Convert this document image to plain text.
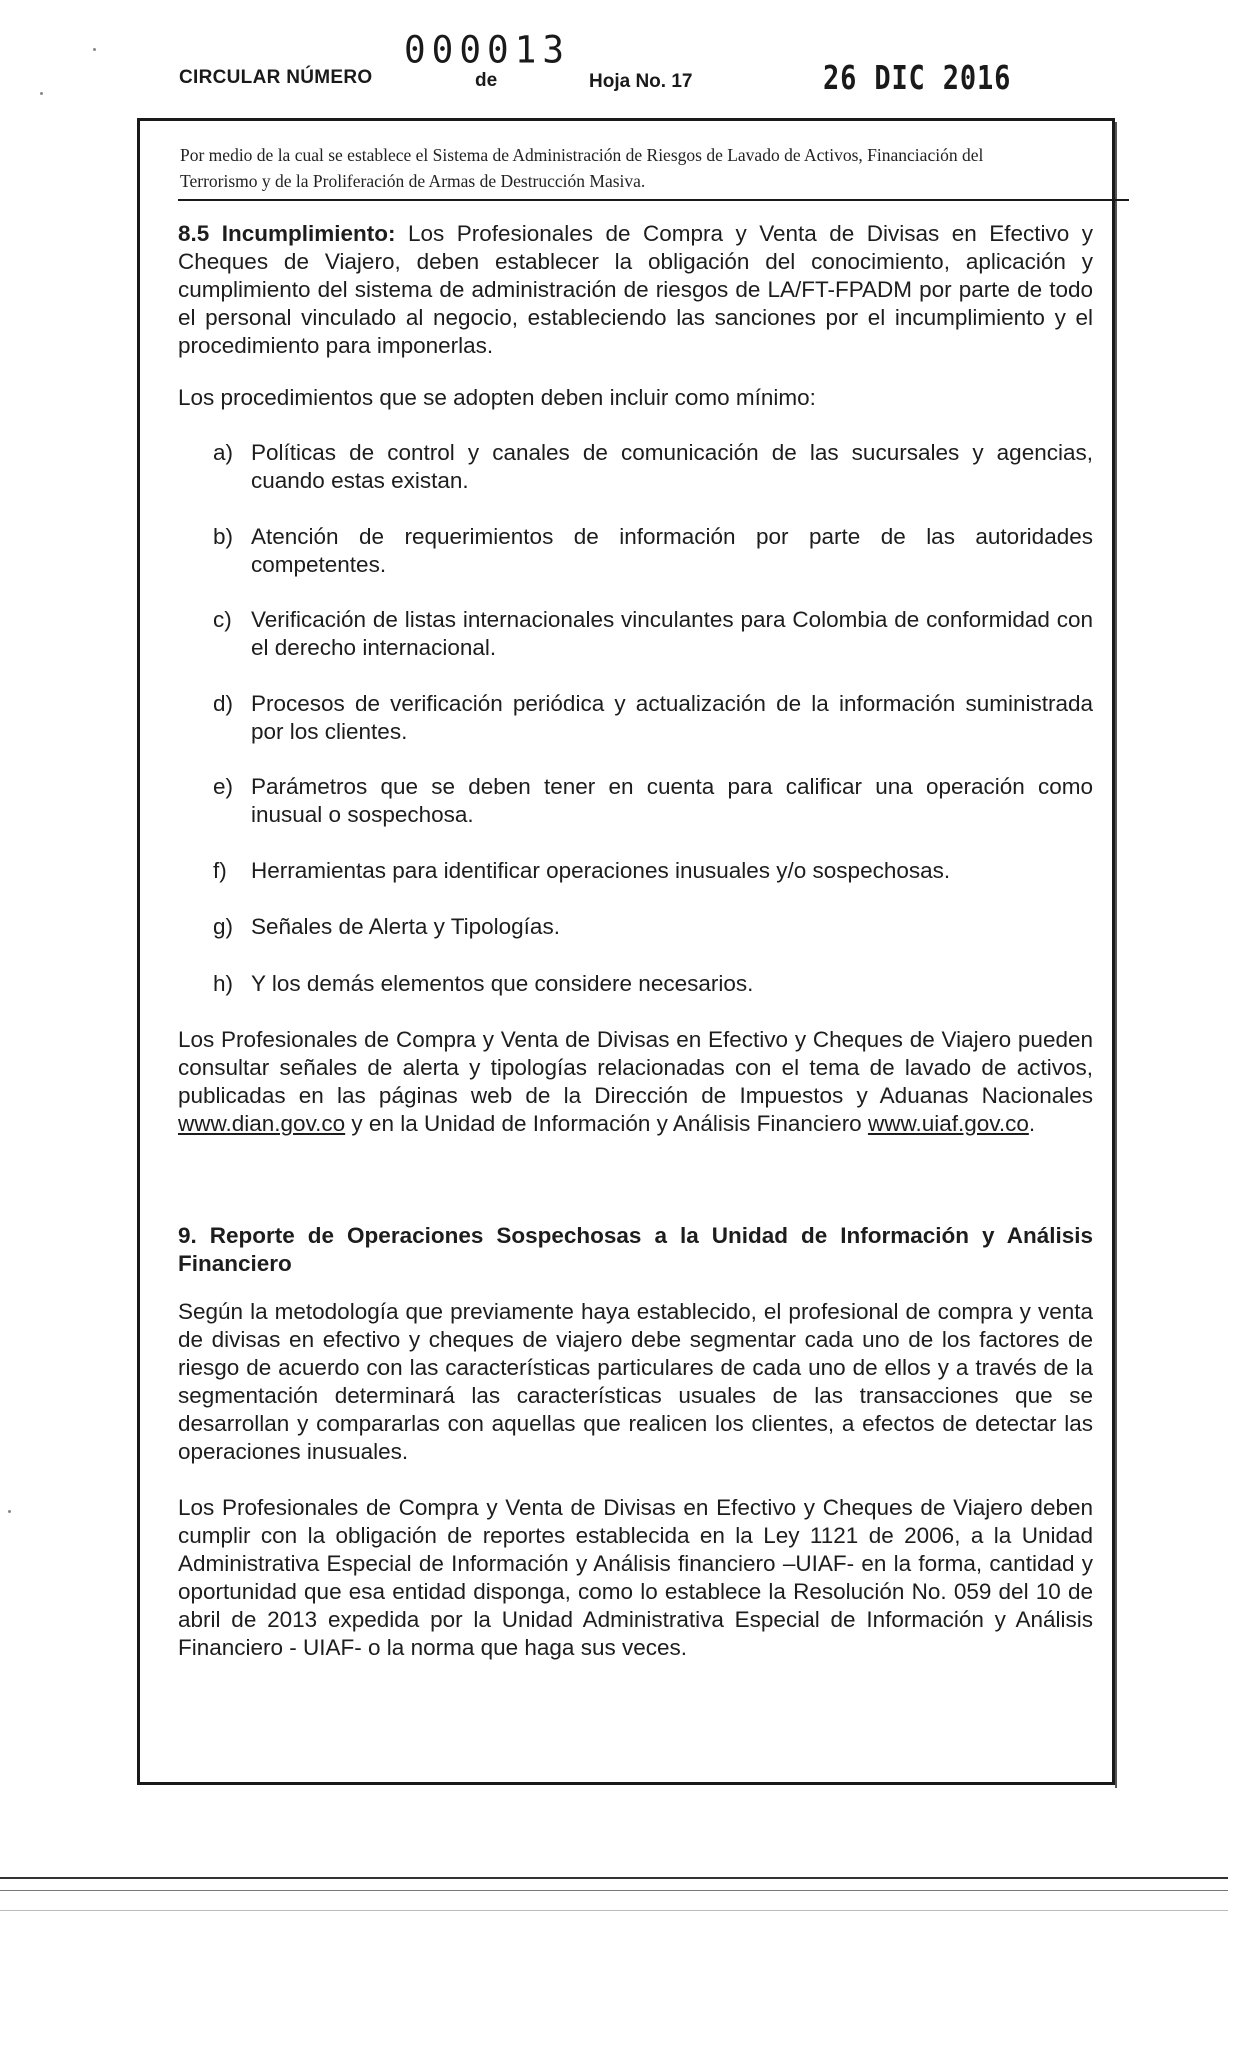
CIRCULAR NÚMERO
000013
de	Hoja No. 17	26 DIC 2016
Por medio de la cual se establece el Sistema de Administración de Riesgos de Lavado de Activos, Financiación del
Terrorismo y de la Proliferación de Armas de Destrucción Masiva.
8.5 Incumplimiento: Los Profesionales de Compra y Venta de Divisas en Efectivo y Cheques de Viajero, deben establecer la obligación del conocimiento, aplicación y cumplimiento del sistema de administración de riesgos de LA/FT-FPADM por parte de todo el personal vinculado al negocio, estableciendo las sanciones por el incumplimiento y el procedimiento para imponerlas.
Los procedimientos que se adopten deben incluir como mínimo:
a) Políticas de control y canales de comunicación de las sucursales y agencias, cuando estas existan.
b) Atención de requerimientos de información por parte de las autoridades competentes.
c) Verificación de listas internacionales vinculantes para Colombia de conformidad con el derecho internacional.
d) Procesos de verificación periódica y actualización de la información suministrada por los clientes.
e) Parámetros que se deben tener en cuenta para calificar una operación como inusual o sospechosa.
f) Herramientas para identificar operaciones inusuales y/o sospechosas.
g) Señales de Alerta y Tipologías.
h) Y los demás elementos que considere necesarios.
Los Profesionales de Compra y Venta de Divisas en Efectivo y Cheques de Viajero pueden consultar señales de alerta y tipologías relacionadas con el tema de lavado de activos, publicadas en las páginas web de la Dirección de Impuestos y Aduanas Nacionales www.dian.gov.co y en la Unidad de Información y Análisis Financiero www.uiaf.gov.co.
9. Reporte de Operaciones Sospechosas a la Unidad de Información y Análisis Financiero
Según la metodología que previamente haya establecido, el profesional de compra y venta de divisas en efectivo y cheques de viajero debe segmentar cada uno de los factores de riesgo de acuerdo con las características particulares de cada uno de ellos y a través de la segmentación determinará las características usuales de las transacciones que se desarrollan y compararlas con aquellas que realicen los clientes, a efectos de detectar las operaciones inusuales.
Los Profesionales de Compra y Venta de Divisas en Efectivo y Cheques de Viajero deben cumplir con la obligación de reportes establecida en la Ley 1121 de 2006, a la Unidad Administrativa Especial de Información y Análisis financiero –UIAF- en la forma, cantidad y oportunidad que esa entidad disponga, como lo establece la Resolución No. 059 del 10 de abril de 2013 expedida por la Unidad Administrativa Especial de Información y Análisis Financiero - UIAF- o la norma que haga sus veces.
